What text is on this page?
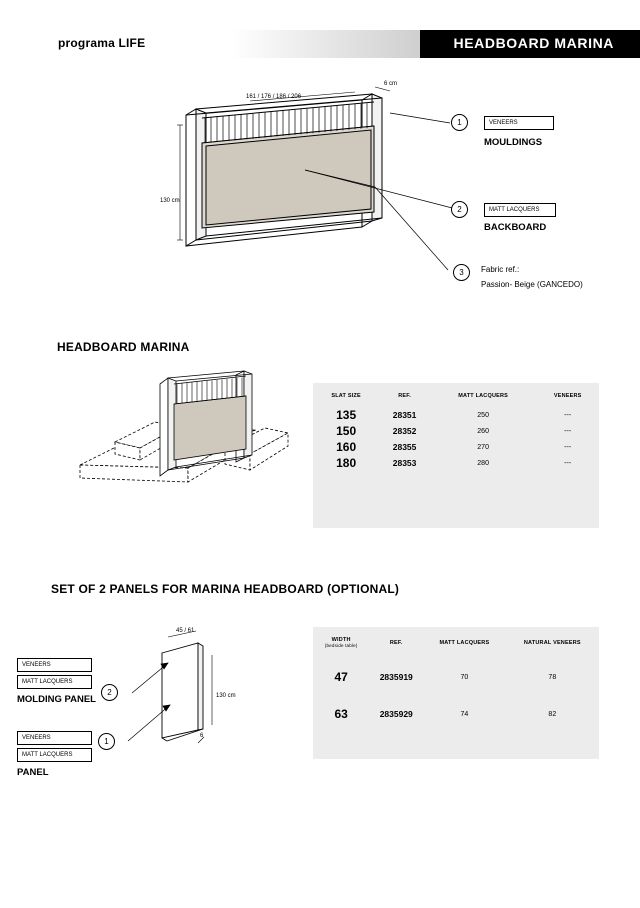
programa LIFE	HEADBOARD MARINA
161 / 176 / 186 / 206
6 cm
130 cm
1	VENEERS
MOULDINGS
2	MATT LACQUERS
BACKBOARD
3	Fabric ref.:
Passion- Beige (GANCEDO)
HEADBOARD MARINA
SLAT SIZE	REF.	MATT LACQUERS	VENEERS
135	28351	250	---
150	28352	260	---
160	28355	270	---
180	28353	280	---
SET OF 2 PANELS FOR MARINA HEADBOARD (OPTIONAL)
45 / 61
130 cm
6
VENEERS
MATT LACQUERS
MOLDING PANEL
2
VENEERS
MATT LACQUERS
PANEL
1
WIDTH
(bedside table)	REF.	MATT LACQUERS	NATURAL VENEERS
47	2835919	70	78
63	2835929	74	82
